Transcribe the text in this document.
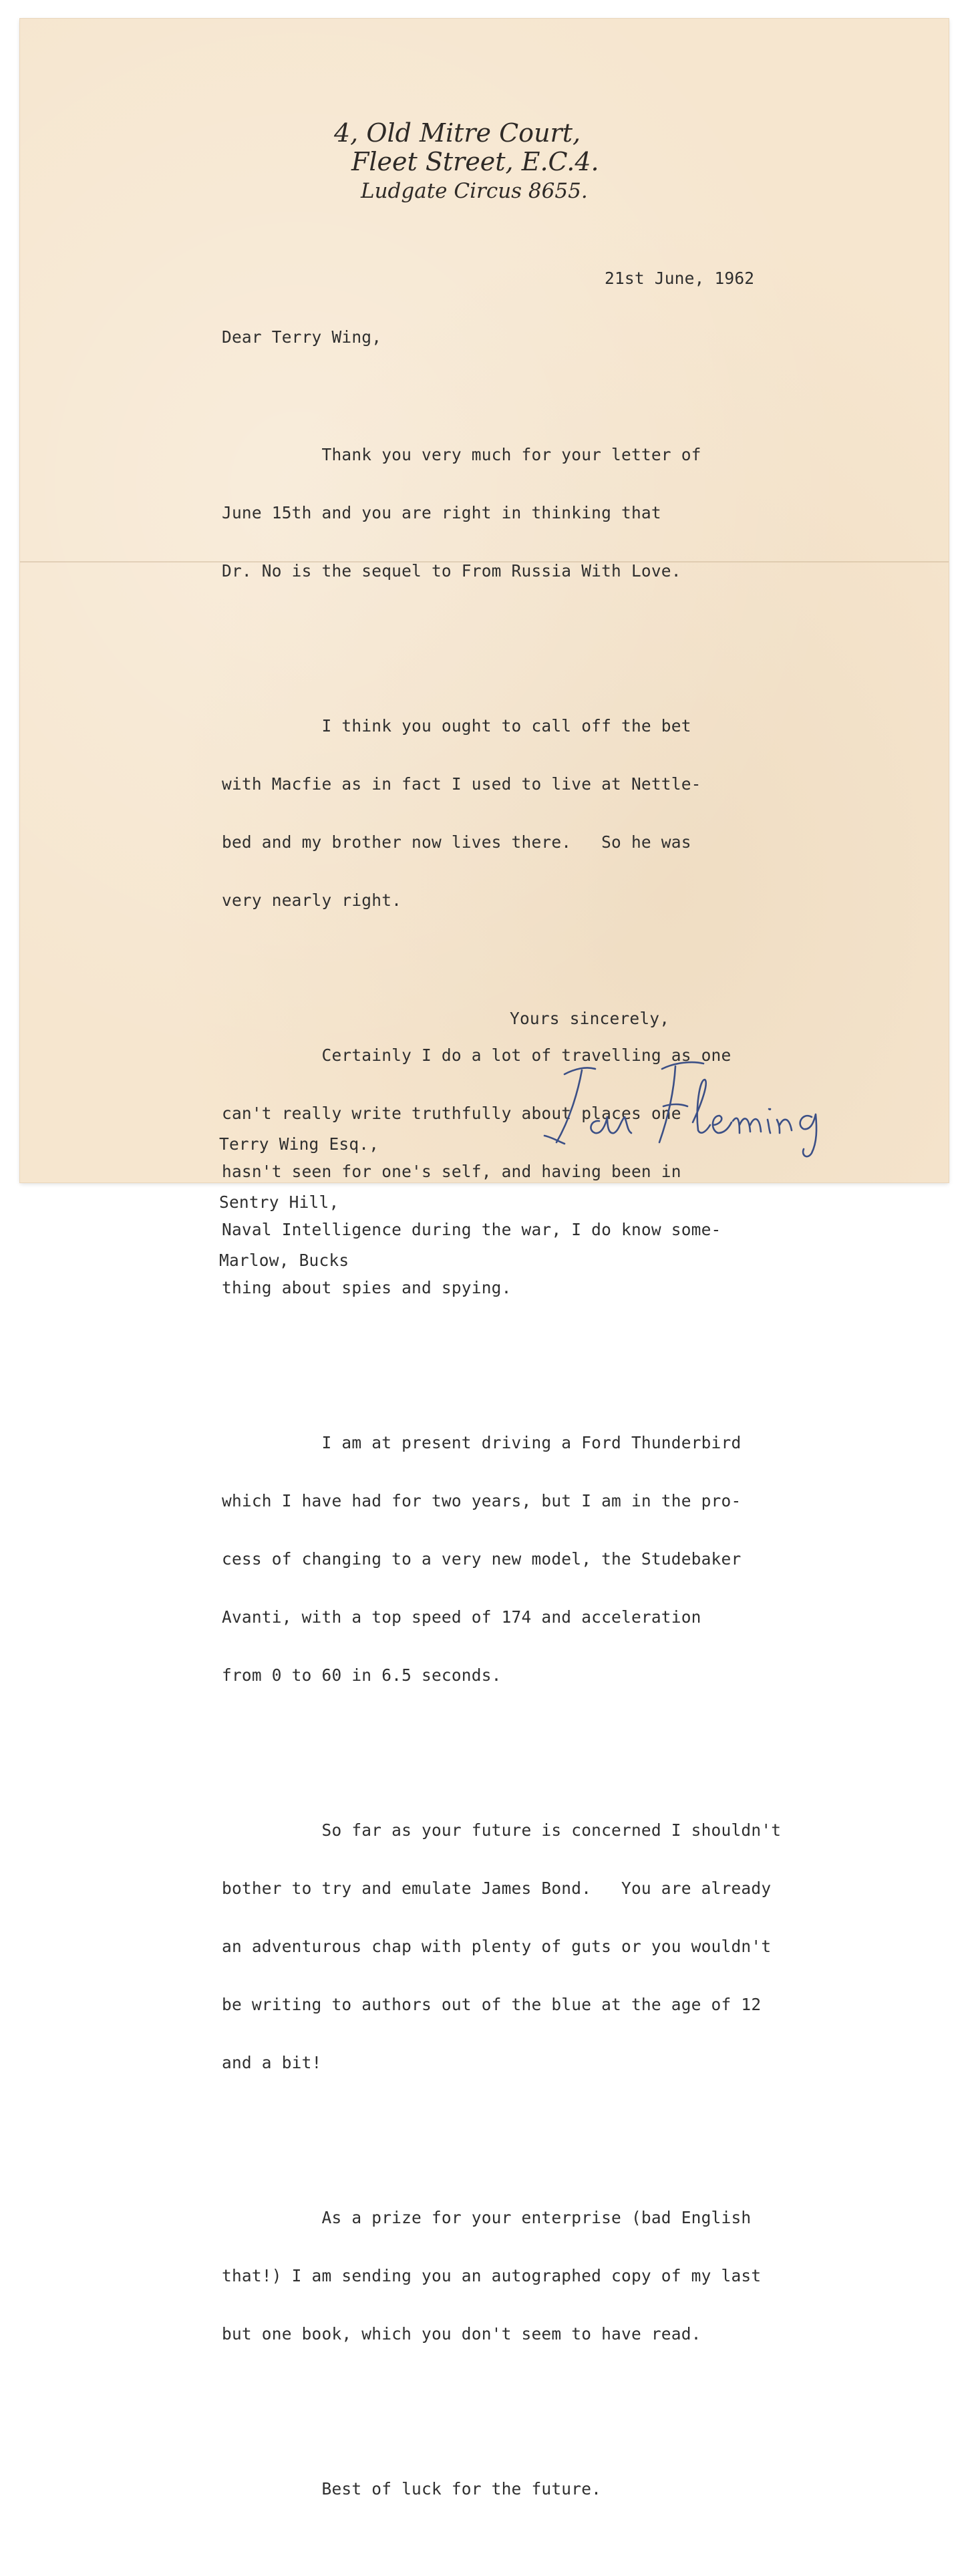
4, Old Mitre Court,
Fleet Street, E.C.4.
Ludgate Circus 8655.
21st June, 1962
Dear Terry Wing,

Thank you very much for your letter of

June 15th and you are right in thinking that

Dr. No is the sequel to From Russia With Love.

I think you ought to call off the bet

with Macfie as in fact I used to live at Nettle-

bed and my brother now lives there.   So he was

very nearly right.

Certainly I do a lot of travelling as one

can't really write truthfully about places one

hasn't seen for one's self, and having been in

Naval Intelligence during the war, I do know some-

thing about spies and spying.

I am at present driving a Ford Thunderbird

which I have had for two years, but I am in the pro-

cess of changing to a very new model, the Studebaker

Avanti, with a top speed of 174 and acceleration

from 0 to 60 in 6.5 seconds.

So far as your future is concerned I shouldn't

bother to try and emulate James Bond.   You are already

an adventurous chap with plenty of guts or you wouldn't

be writing to authors out of the blue at the age of 12

and a bit!

As a prize for your enterprise (bad English

that!) I am sending you an autographed copy of my last

but one book, which you don't seem to have read.

Best of luck for the future.

Yours sincerely,

Terry Wing Esq.,

Sentry Hill,

Marlow, Bucks
